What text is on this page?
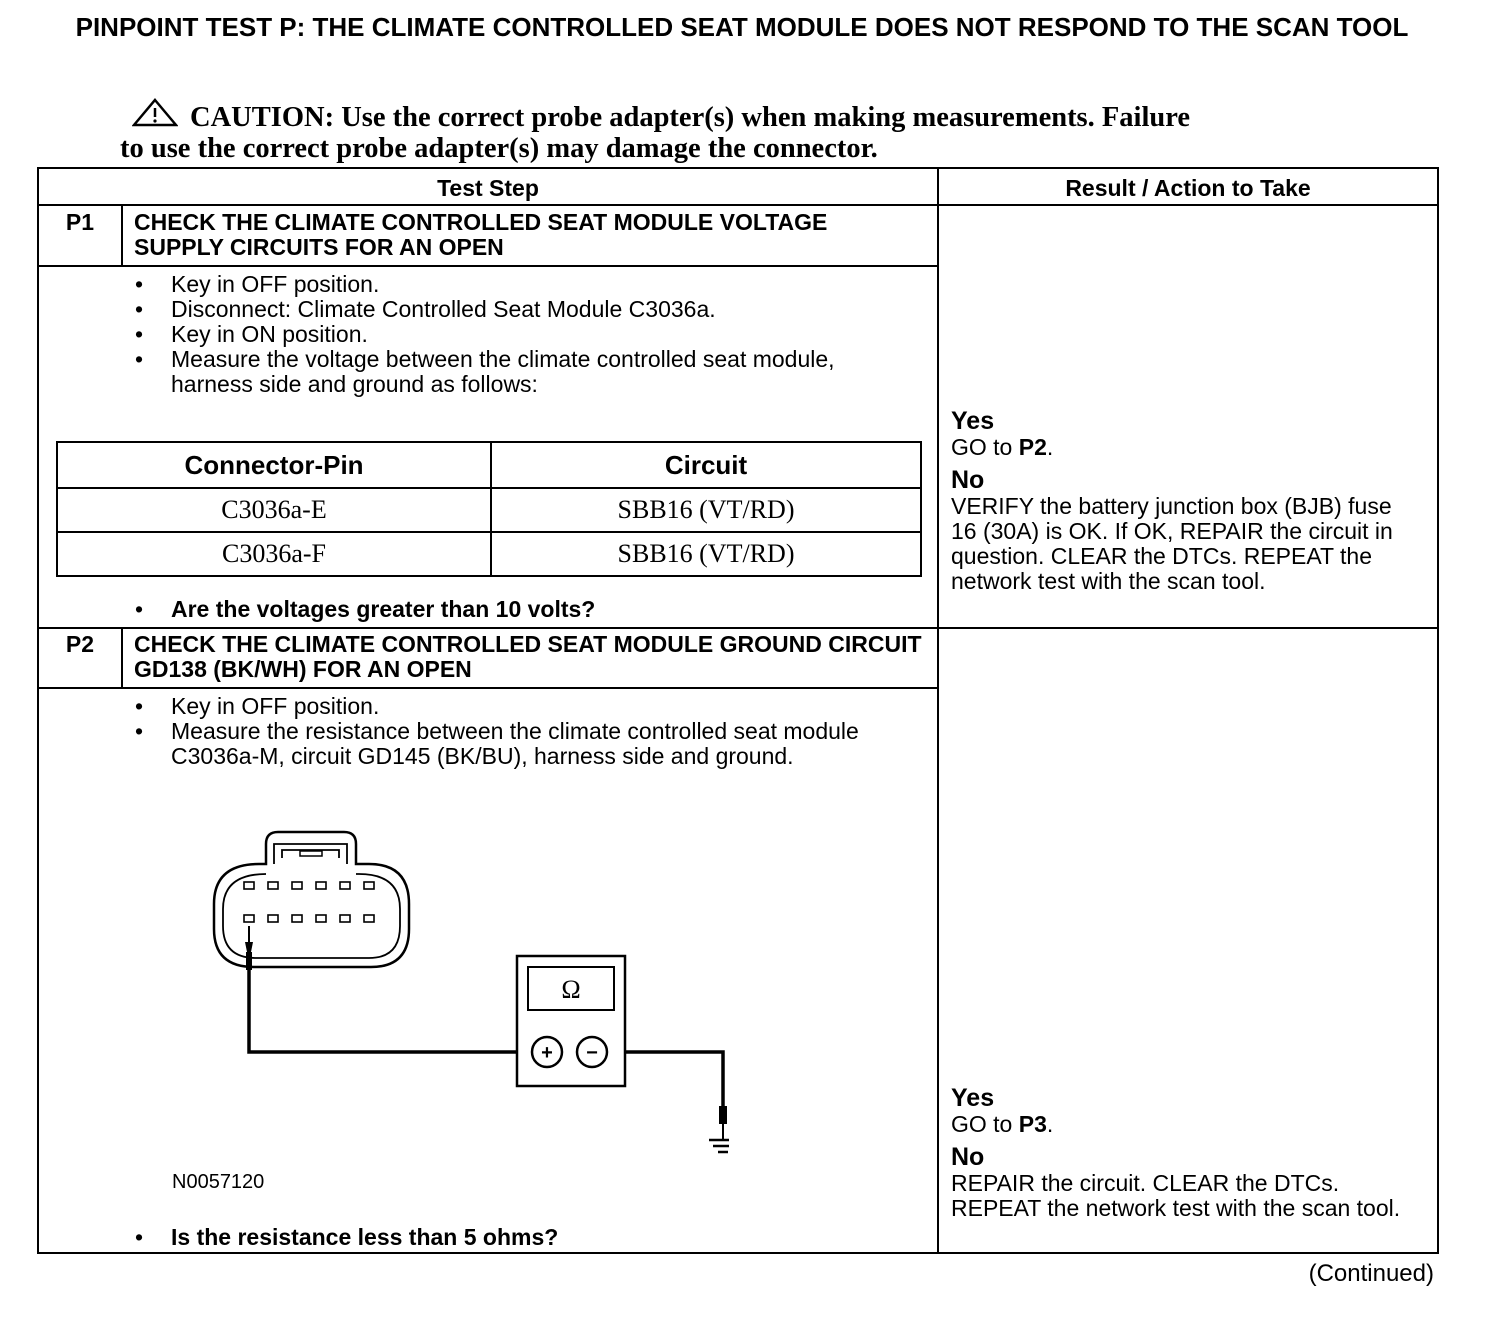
PINPOINT TEST P: THE CLIMATE CONTROLLED SEAT MODULE DOES NOT RESPOND TO THE SCAN TOOL
CAUTION: Use the correct probe adapter(s) when making measurements. Failure
to use the correct probe adapter(s) may damage the connector.
Test Step	Result / Action to Take
P1	CHECK THE CLIMATE CONTROLLED SEAT MODULE VOLTAGE SUPPLY CIRCUITS FOR AN OPEN
• Key in OFF position.
• Disconnect: Climate Controlled Seat Module C3036a.
• Key in ON position.
• Measure the voltage between the climate controlled seat module, harness side and ground as follows:
Connector-Pin	Circuit
C3036a-E	SBB16 (VT/RD)
C3036a-F	SBB16 (VT/RD)
• Are the voltages greater than 10 volts?
Yes
GO to P2.
No
VERIFY the battery junction box (BJB) fuse 16 (30A) is OK. If OK, REPAIR the circuit in question. CLEAR the DTCs. REPEAT the network test with the scan tool.
P2	CHECK THE CLIMATE CONTROLLED SEAT MODULE GROUND CIRCUIT GD138 (BK/WH) FOR AN OPEN
• Key in OFF position.
• Measure the resistance between the climate controlled seat module C3036a-M, circuit GD145 (BK/BU), harness side and ground.
Ω
+ −
N0057120
• Is the resistance less than 5 ohms?
Yes
GO to P3.
No
REPAIR the circuit. CLEAR the DTCs. REPEAT the network test with the scan tool.
(Continued)
